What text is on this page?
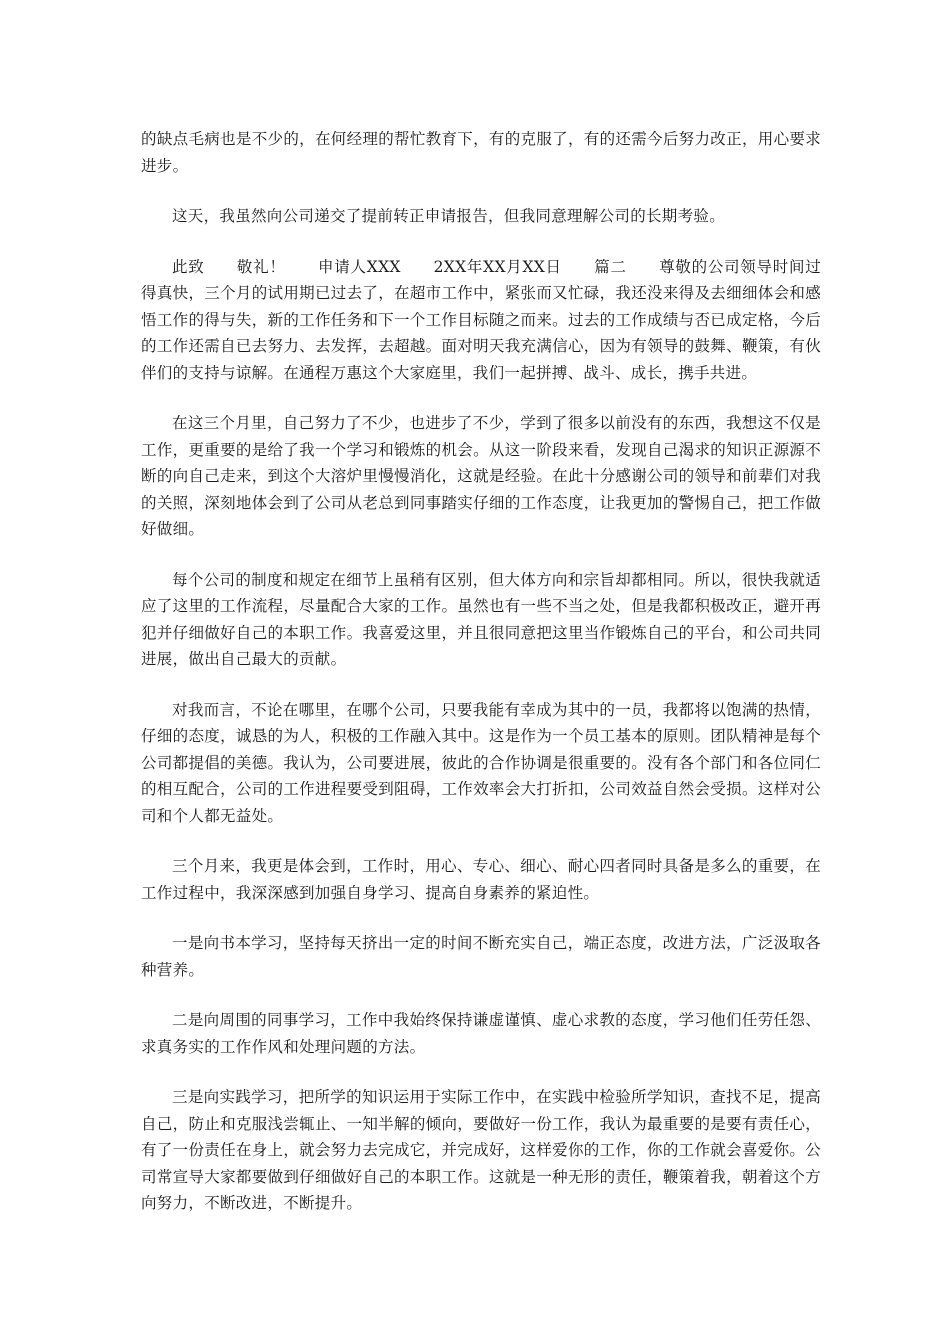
的缺点毛病也是不少的，在何经理的帮忙教育下，有的克服了，有的还需今后努力改正，用心要求进步。

这天，我虽然向公司递交了提前转正申请报告，但我同意理解公司的长期考验。

此致　　敬礼！　　申请人XXX　　2XX年XX月XX日　　篇二　　尊敬的公司领导时间过得真快，三个月的试用期已过去了，在超市工作中，紧张而又忙碌，我还没来得及去细细体会和感悟工作的得与失，新的工作任务和下一个工作目标随之而来。过去的工作成绩与否已成定格，今后的工作还需自已去努力、去发挥，去超越。面对明天我充满信心，因为有领导的鼓舞、鞭策，有伙伴们的支持与谅解。在通程万惠这个大家庭里，我们一起拼搏、战斗、成长，携手共进。

在这三个月里，自己努力了不少，也进步了不少，学到了很多以前没有的东西，我想这不仅是工作，更重要的是给了我一个学习和锻炼的机会。从这一阶段来看，发现自己渴求的知识正源源不断的向自己走来，到这个大溶炉里慢慢消化，这就是经验。在此十分感谢公司的领导和前辈们对我的关照，深刻地体会到了公司从老总到同事踏实仔细的工作态度，让我更加的警惕自己，把工作做好做细。

每个公司的制度和规定在细节上虽稍有区别，但大体方向和宗旨却都相同。所以，很快我就适应了这里的工作流程，尽量配合大家的工作。虽然也有一些不当之处，但是我都积极改正，避开再犯并仔细做好自己的本职工作。我喜爱这里，并且很同意把这里当作锻炼自己的平台，和公司共同进展，做出自己最大的贡献。

对我而言，不论在哪里，在哪个公司，只要我能有幸成为其中的一员，我都将以饱满的热情，仔细的态度，诚恳的为人，积极的工作融入其中。这是作为一个员工基本的原则。团队精神是每个公司都提倡的美德。我认为，公司要进展，彼此的合作协调是很重要的。没有各个部门和各位同仁的相互配合，公司的工作进程要受到阻碍，工作效率会大打折扣，公司效益自然会受损。这样对公司和个人都无益处。

三个月来，我更是体会到，工作时，用心、专心、细心、耐心四者同时具备是多么的重要，在工作过程中，我深深感到加强自身学习、提高自身素养的紧迫性。

一是向书本学习，坚持每天挤出一定的时间不断充实自己，端正态度，改进方法，广泛汲取各种营养。

二是向周围的同事学习，工作中我始终保持谦虚谨慎、虚心求教的态度，学习他们任劳任怨、求真务实的工作作风和处理问题的方法。

三是向实践学习，把所学的知识运用于实际工作中，在实践中检验所学知识，查找不足，提高自己，防止和克服浅尝辄止、一知半解的倾向，要做好一份工作，我认为最重要的是要有责任心，有了一份责任在身上，就会努力去完成它，并完成好，这样爱你的工作，你的工作就会喜爱你。公司常宣导大家都要做到仔细做好自己的本职工作。这就是一种无形的责任，鞭策着我，朝着这个方向努力，不断改进，不断提升。
